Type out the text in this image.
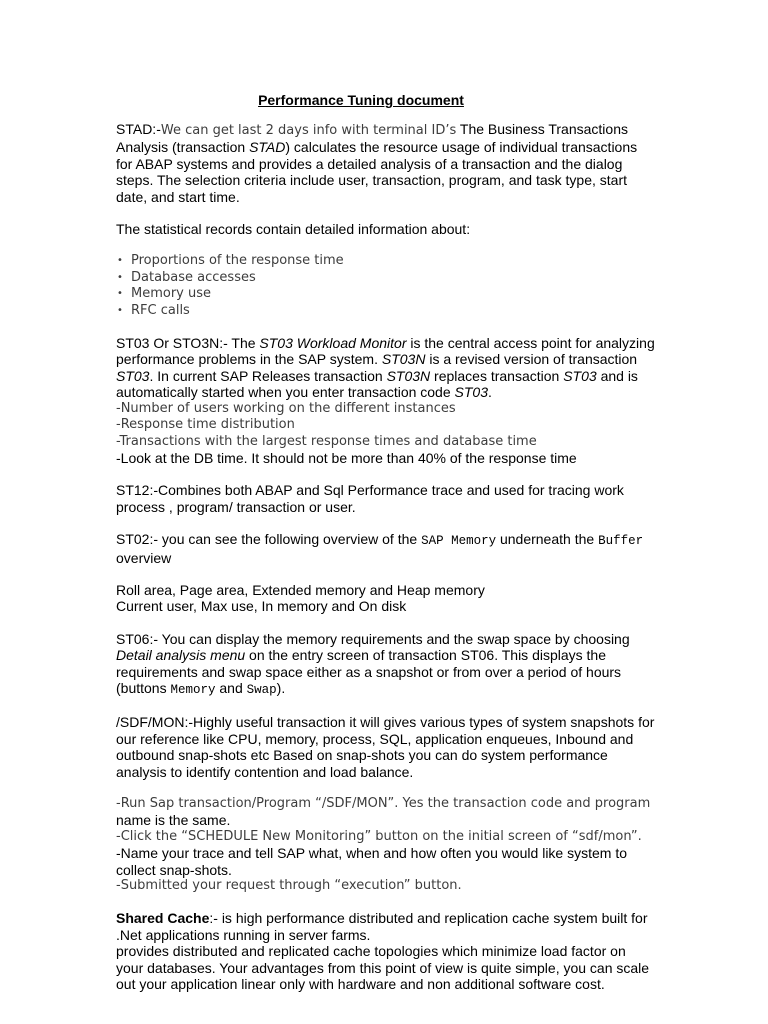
Performance Tuning document

STAD:-We can get last 2 days info with terminal ID’s The Business Transactions Analysis (transaction STAD) calculates the resource usage of individual transactions for ABAP systems and provides a detailed analysis of a transaction and the dialog steps. The selection criteria include user, transaction, program, and task type, start date, and start time.

The statistical records contain detailed information about:

• Proportions of the response time
• Database accesses
• Memory use
• RFC calls

ST03 Or STO3N:- The ST03 Workload Monitor is the central access point for analyzing performance problems in the SAP system. ST03N is a revised version of transaction ST03. In current SAP Releases transaction ST03N replaces transaction ST03 and is automatically started when you enter transaction code ST03.

-Number of users working on the different instances

-Response time distribution

-Transactions with the largest response times and database time

-Look at the DB time. It should not be more than 40% of the response time

ST12:-Combines both ABAP and Sql Performance trace and used for tracing work process , program/ transaction or user.

ST02:- you can see the following overview of the SAP Memory underneath the Buffer overview

Roll area, Page area, Extended memory and Heap memory

Current user, Max use, In memory and On disk

ST06:- You can display the memory requirements and the swap space by choosing Detail analysis menu on the entry screen of transaction ST06. This displays the requirements and swap space either as a snapshot or from over a period of hours (buttons Memory and Swap).

/SDF/MON:-Highly useful transaction it will gives various types of system snapshots for our reference like CPU, memory, process, SQL, application enqueues, Inbound and outbound snap-shots etc Based on snap-shots you can do system performance analysis to identify contention and load balance.

-Run Sap transaction/Program “/SDF/MON”. Yes the transaction code and program

name is the same.

-Click the “SCHEDULE New Monitoring” button on the initial screen of “sdf/mon”.

-Name your trace and tell SAP what, when and how often you would like system to collect snap-shots.

-Submitted your request through “execution” button.

Shared Cache:- is high performance distributed and replication cache system built for .Net applications running in server farms.

provides distributed and replicated cache topologies which minimize load factor on your databases. Your advantages from this point of view is quite simple, you can scale out your application linear only with hardware and non additional software cost.
